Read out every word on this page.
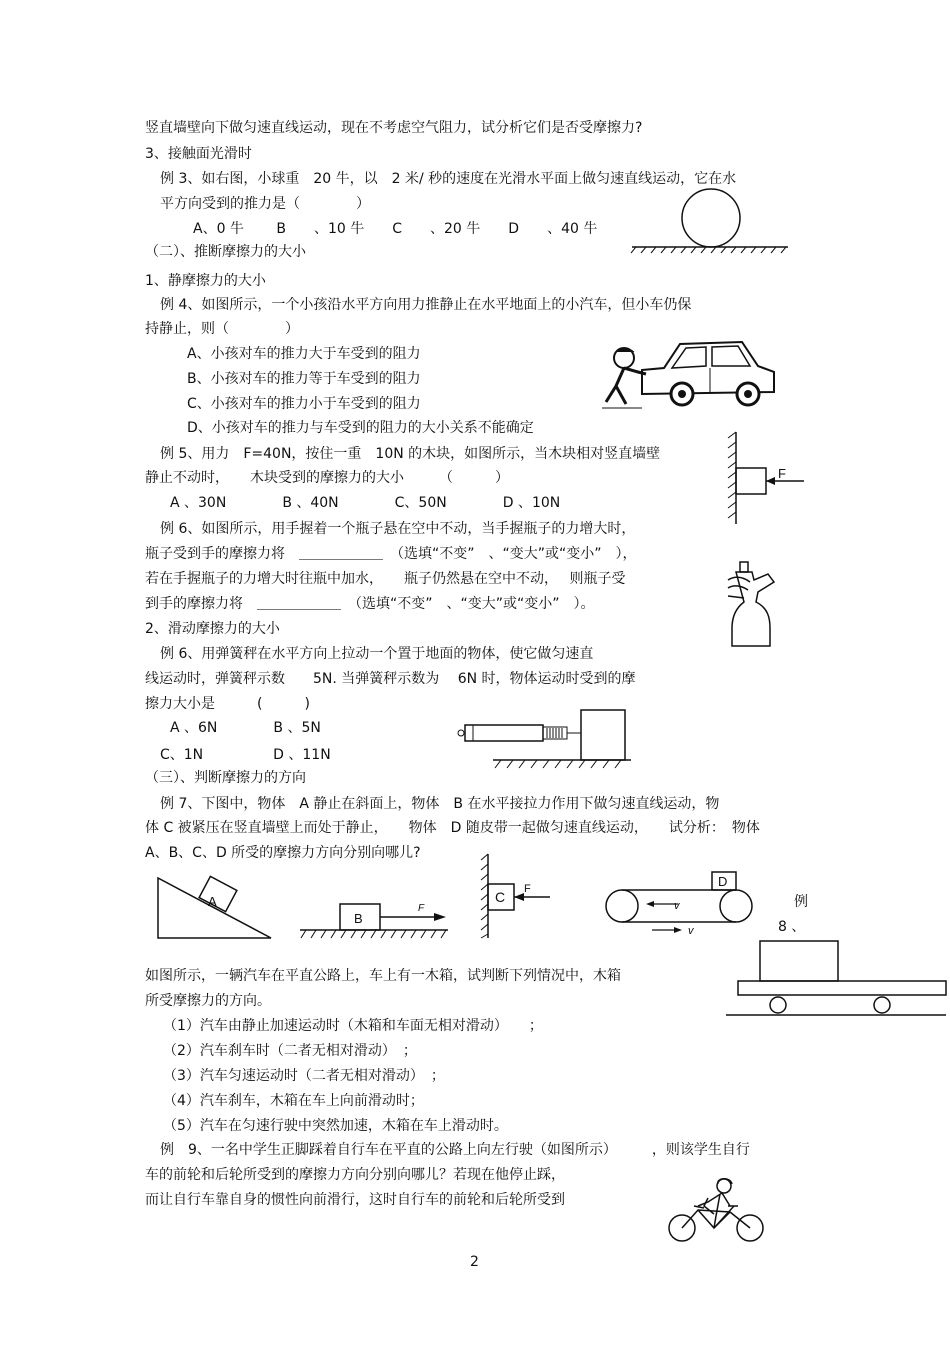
竖直墙壁向下做匀速直线运动，现在不考虑空气阻力，试分析它们是否受摩擦力?
3、接触面光滑时
例 3、如右图，小球重　20 牛，以　2 米/ 秒的速度在光滑水平面上做匀速直线运动，它在水
平方向受到的推力是（　　　　）
A、0 牛　　 B　　、10 牛　　C　　、20 牛　　D　　、40 牛
（二）、推断摩擦力的大小
1、静摩擦力的大小
例 4、如图所示，一个小孩沿水平方向用力推静止在水平地面上的小汽车，但小车仍保
持静止，则（　　　　）
A、小孩对车的推力大于车受到的阻力
B、小孩对车的推力等于车受到的阻力
C、小孩对车的推力小于车受到的阻力
D、小孩对车的推力与车受到的阻力的大小关系不能确定
例 5、用力　F=40N，按住一重　10N 的木块，如图所示，当木块相对竖直墙壁
静止不动时，　　木块受到的摩擦力的大小　　　（　　　）
A 、30N　　　　B 、40N　　　　C、50N　　　　D 、10N
例 6、如图所示，用手握着一个瓶子悬在空中不动，当手握瓶子的力增大时，
瓶子受到手的摩擦力将　＿＿＿＿＿＿　（选填“不变”　、“变大”或“变小”　），
若在手握瓶子的力增大时往瓶中加水，　　瓶子仍然悬在空中不动，　 则瓶子受
到手的摩擦力将　＿＿＿＿＿＿　（选填“不变”　、“变大”或“变小”　）。
2、滑动摩擦力的大小
例 6、用弹簧秤在水平方向上拉动一个置于地面的物体，使它做匀速直
线运动时，弹簧秤示数　　5N. 当弹簧秤示数为　 6N 时，物体运动时受到的摩
擦力大小是　　　(　　　)
A 、6N　　　　B 、5N
C、1N　　　　　D 、11N
（三）、判断摩擦力的方向
例 7、下图中，物体　A 静止在斜面上，物体　B 在水平接拉力作用下做匀速直线运动，物
体 C 被紧压在竖直墙壁上而处于静止，　　物体　D 随皮带一起做匀速直线运动，　　试分析：　物体
A、B、C、D 所受的摩擦力方向分别向哪儿?
例
8 、
如图所示，一辆汽车在平直公路上，车上有一木箱，试判断下列情况中，木箱
所受摩擦力的方向。
（1）汽车由静止加速运动时（木箱和车面无相对滑动）　　；
（2）汽车刹车时（二者无相对滑动）　；
（3）汽车匀速运动时（二者无相对滑动）　；
（4）汽车刹车，木箱在车上向前滑动时；
（5）汽车在匀速行驶中突然加速，木箱在车上滑动时。
例　9、一名中学生正脚踩着自行车在平直的公路上向左行驶（如图所示）　　　，则该学生自行
车的前轮和后轮所受到的摩擦力方向分别向哪儿？若现在他停止踩，
而让自行车靠自身的惯性向前滑行，这时自行车的前轮和后轮所受到
2
F
A
B
F
C F	D
v
v
